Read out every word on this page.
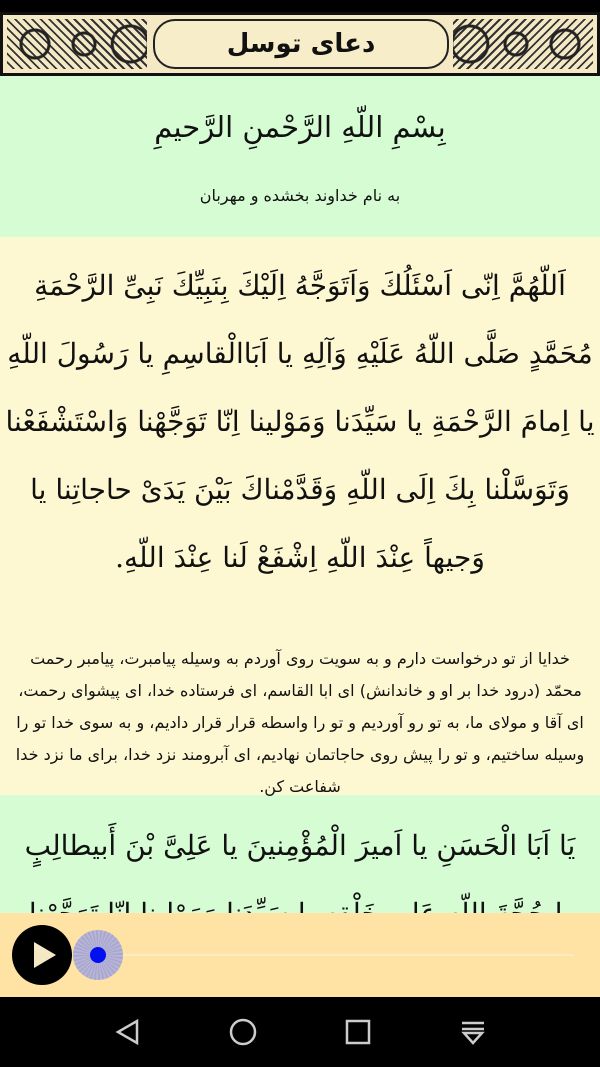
دعای توسل
بِسْمِ اللّهِ الرَّحْمنِ الرَّحیمِ
به نام خداوند بخشده و مهربان
اَللّهُمَّ اِنّی اَسْئَلُكَ وَاَتَوَجَّهُ اِلَیْكَ بِنَبِیِّكَ نَبِیِّ الرَّحْمَةِ
مُحَمَّدٍ صَلَّی اللّهُ عَلَیْهِ وَآلِهِ یا اَبَاالْقاسِمِ یا رَسُولَ اللّهِ
یا اِمامَ الرَّحْمَةِ یا سَیِّدَنا وَمَوْلینا اِنّا تَوَجَّهْنا وَاسْتَشْفَعْنا
وَتَوَسَّلْنا بِكَ اِلَی اللّهِ وَقَدَّمْناكَ بَیْنَ یَدَیْ حاجاتِنا یا
وَجیهاً عِنْدَ اللّهِ اِشْفَعْ لَنا عِنْدَ اللّهِ.
خدایا از تو درخواست دارم و به سویت روی آوردم به وسیله پیامبرت، پیامبر رحمت محمّد (درود خدا بر او و خاندانش) ای ابا القاسم، ای فرستاده خدا، ای پیشوای رحمت، ای آقا و مولای ما، به تو رو آوردیم و تو را واسطه قرار قرار دادیم، و به سوی خدا تو را وسیله ساختیم، و تو را پیش روی حاجاتمان نهادیم، ای آبرومند نزد خدا، برای ما نزد خدا شفاعت کن.
یَا اَبَا الْحَسَنِ یا اَمیرَ الْمُؤْمِنینَ یا عَلِیَّ بْنَ أَبیطالِبٍ
